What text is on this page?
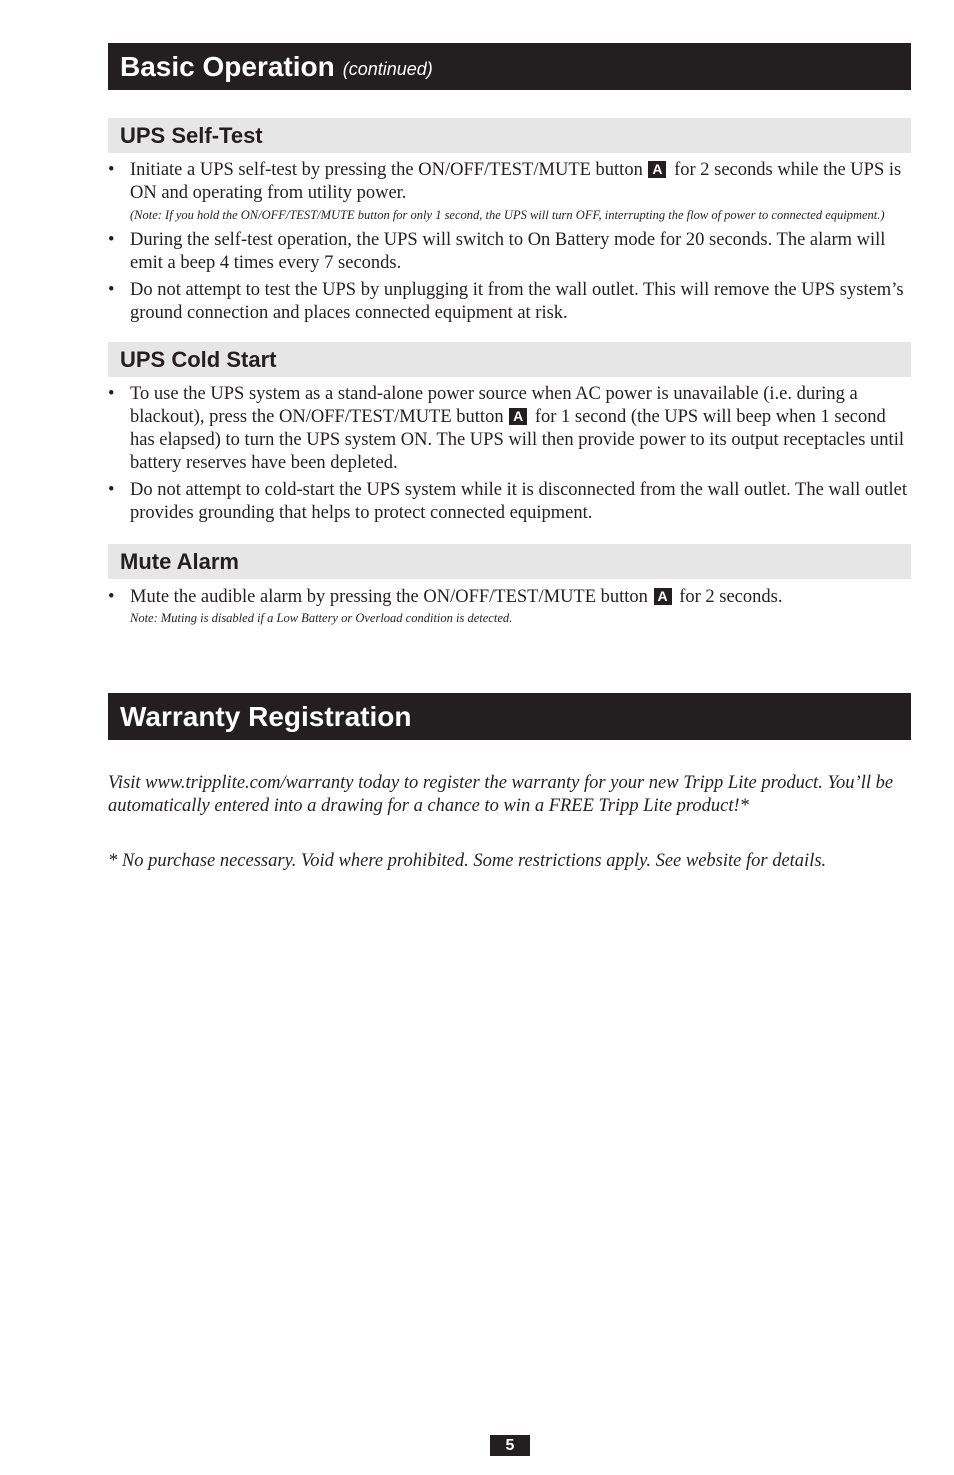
Basic Operation (continued)
UPS Self-Test
• Initiate a UPS self-test by pressing the ON/OFF/TEST/MUTE button A for 2 seconds while the UPS is ON and operating from utility power.
(Note: If you hold the ON/OFF/TEST/MUTE button for only 1 second, the UPS will turn OFF, interrupting the flow of power to connected equipment.)
• During the self-test operation, the UPS will switch to On Battery mode for 20 seconds. The alarm will emit a beep 4 times every 7 seconds.
• Do not attempt to test the UPS by unplugging it from the wall outlet. This will remove the UPS system’s ground connection and places connected equipment at risk.
UPS Cold Start
• To use the UPS system as a stand-alone power source when AC power is unavailable (i.e. during a blackout), press the ON/OFF/TEST/MUTE button A for 1 second (the UPS will beep when 1 second has elapsed) to turn the UPS system ON. The UPS will then provide power to its output receptacles until battery reserves have been depleted.
• Do not attempt to cold-start the UPS system while it is disconnected from the wall outlet. The wall outlet provides grounding that helps to protect connected equipment.
Mute Alarm
• Mute the audible alarm by pressing the ON/OFF/TEST/MUTE button A for 2 seconds.
Note: Muting is disabled if a Low Battery or Overload condition is detected.
Warranty Registration

Visit www.tripplite.com/warranty today to register the warranty for your new Tripp Lite product. You’ll be automatically entered into a drawing for a chance to win a FREE Tripp Lite product!*

* No purchase necessary. Void where prohibited. Some restrictions apply. See website for details.

5
